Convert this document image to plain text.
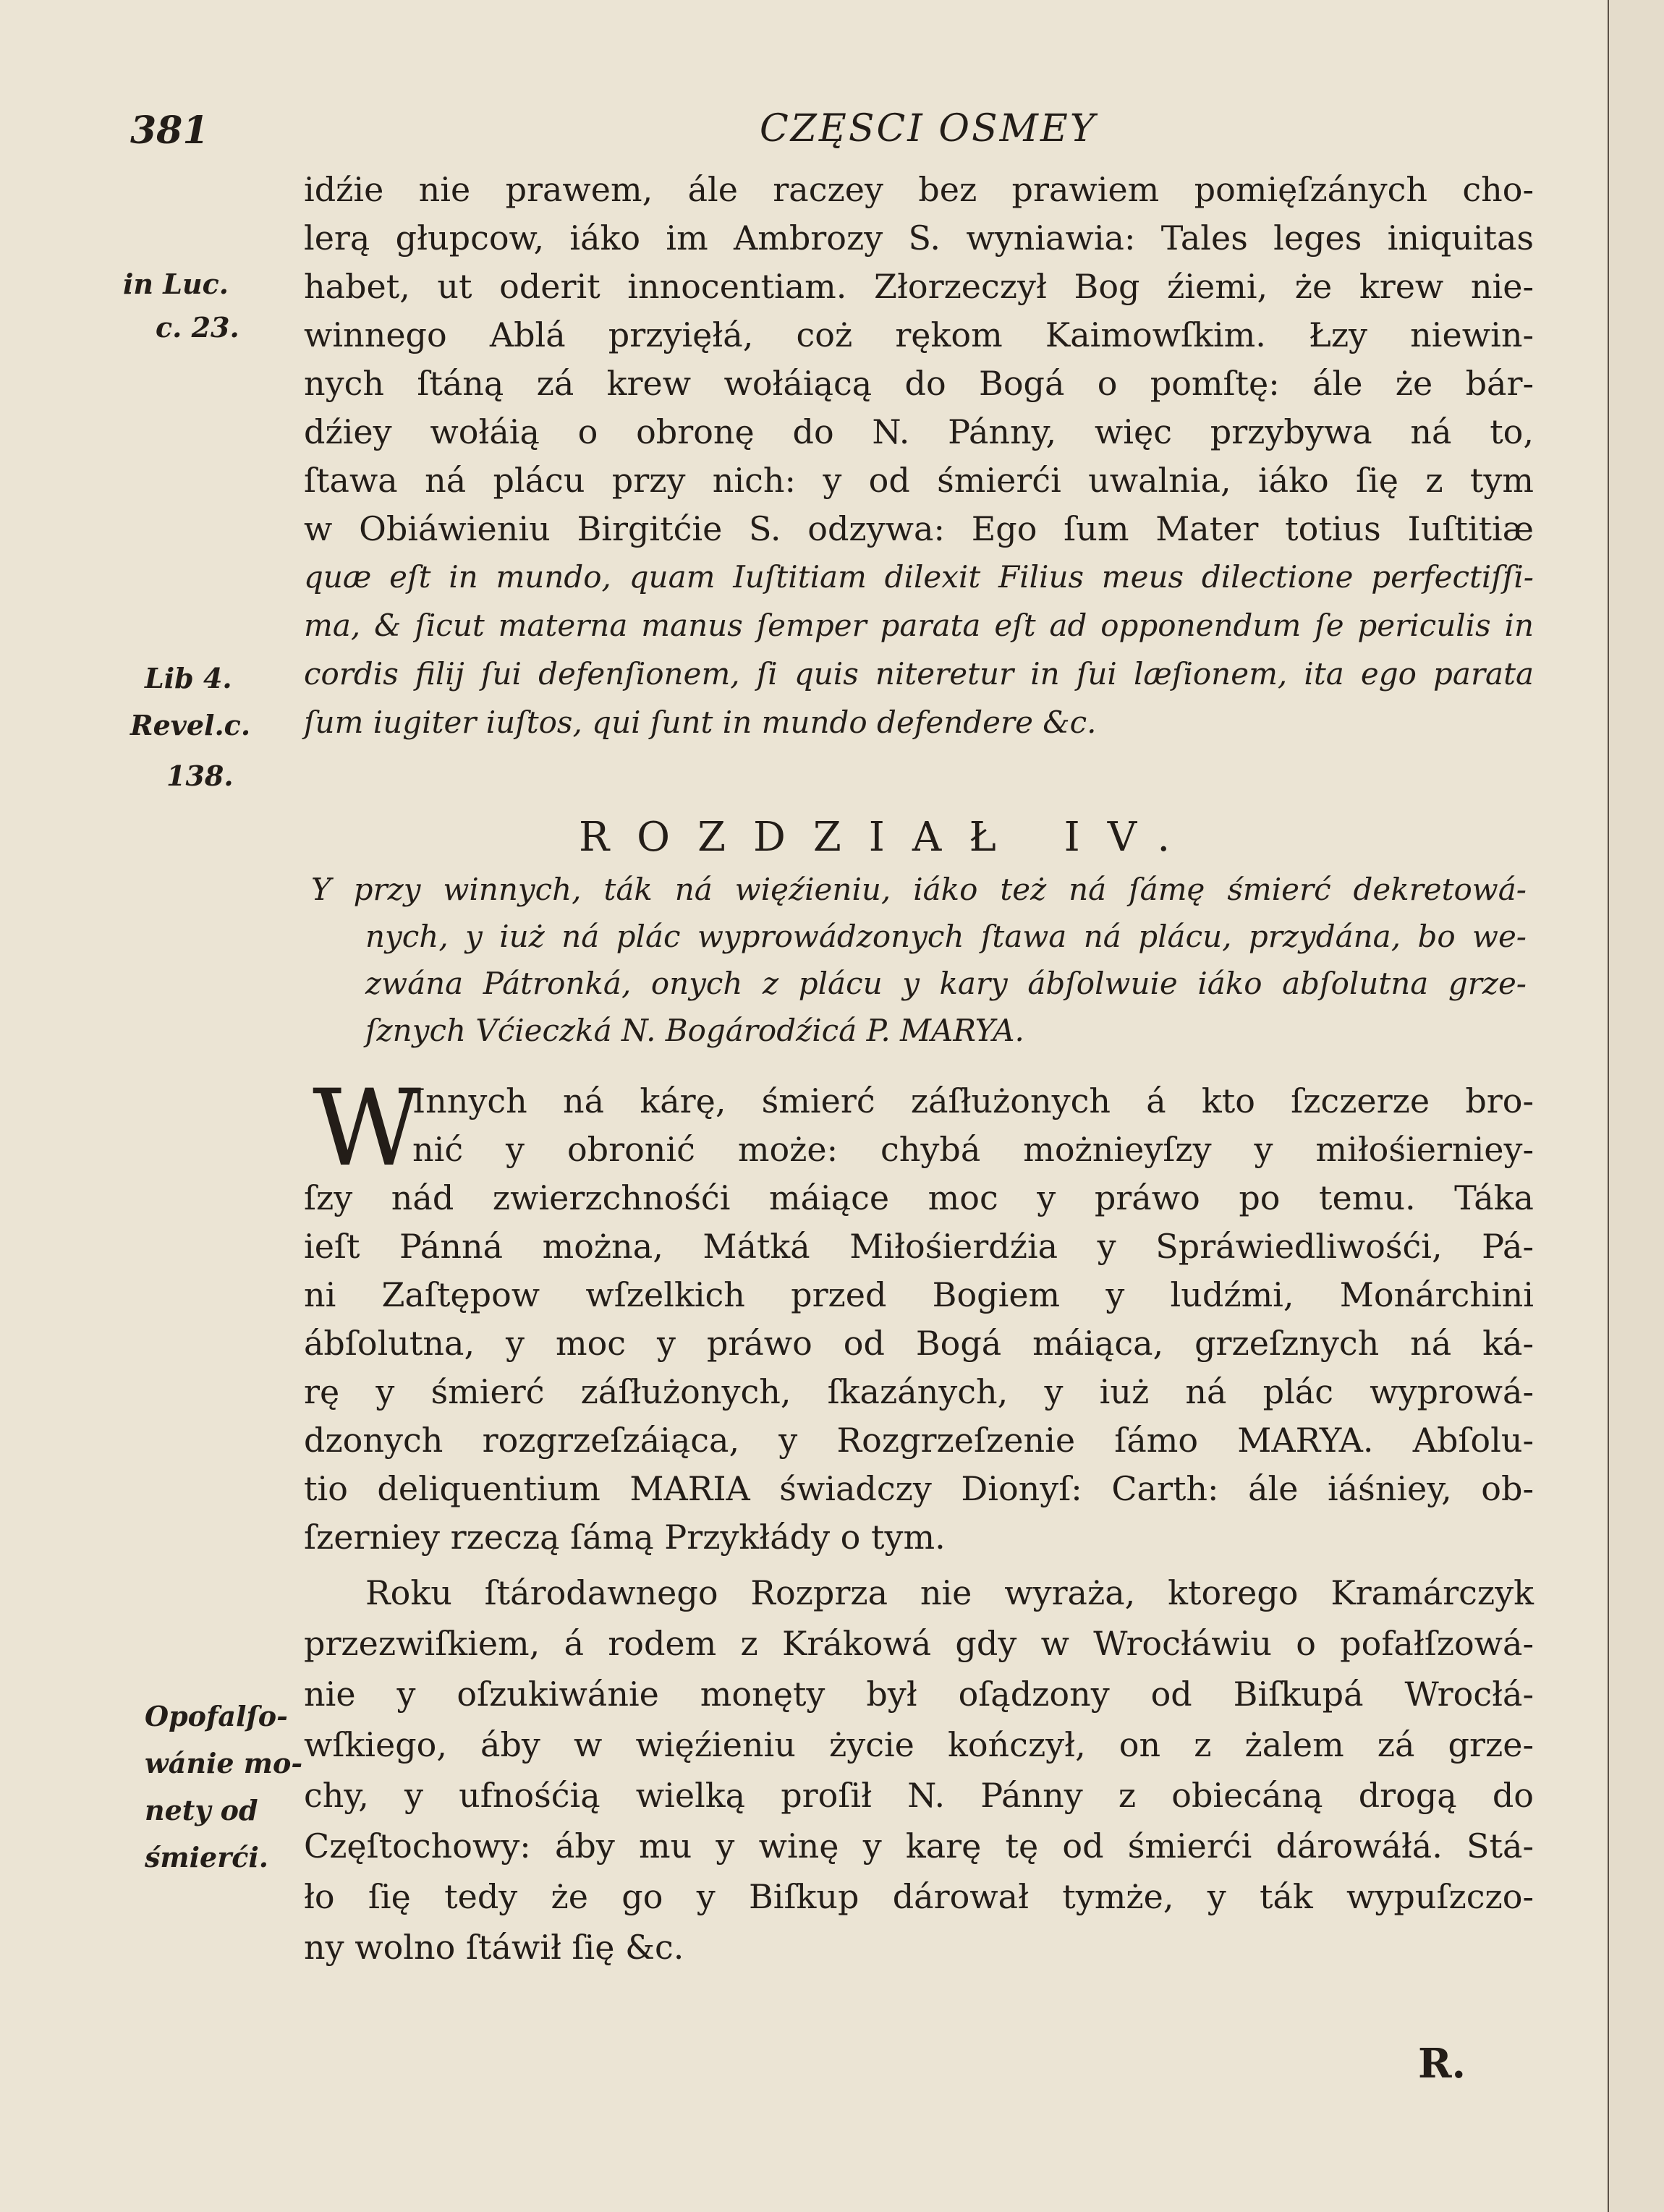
381	CZĘSCI OSMEY
in Luc.
c. 23.
Lib 4.
Revel.c.
138.
Opofalſo-
wánie mo-
nety od
śmierći.
idźie nie prawem, ále raczey bez prawiem pomięſzánych cho-
lerą głupcow, iáko im Ambrozy S. wyniawia: Tales leges iniquitas
habet, ut oderit innocentiam. Złorzeczył Bog źiemi, że krew nie-
winnego Ablá przyięłá, coż rękom Kaimowſkim. Łzy niewin-
nych ſtáną zá krew wołáiącą do Bogá o pomſtę: ále że bár-
dźiey wołáią o obronę do N. Pánny, więc przybywa ná to,
ſtawa ná plácu przy nich: y od śmierći uwalnia, iáko ſię z tym
w Obiáwieniu Birgitćie S. odzywa: Ego ſum Mater totius Iuſtitiæ
quæ eſt in mundo, quam Iuſtitiam dilexit Filius meus dilectione perfectiſſi-
ma, & ſicut materna manus ſemper parata eſt ad opponendum ſe periculis in
cordis filij ſui defenſionem, ſi quis niteretur in ſui læſionem, ita ego parata
ſum iugiter iuſtos, qui ſunt in mundo defendere &c.
ROZDZIAŁ IV.
Y przy winnych, ták ná więźieniu, iáko też ná ſámę śmierć dekretowá-
nych, y iuż ná plác wyprowádzonych ſtawa ná plácu, przydána, bo we-
zwána Pátronká, onych z plácu y kary ábſolwuie iáko abſolutna grze-
ſznych Vćieczká N. Bogárodźicá P. MARYA.
W
Innych ná kárę, śmierć záſłużonych á kto ſzczerze bro-
nić y obronić może: chybá możnieyſzy y miłośierniey-
ſzy nád zwierzchnośći máiące moc y práwo po temu. Táka
ieſt Pánná można, Mátká Miłośierdźia y Spráwiedliwośći, Pá-
ni Zaſtępow wſzelkich przed Bogiem y ludźmi, Monárchini
ábſolutna, y moc y práwo od Bogá máiąca, grzeſznych ná ká-
rę y śmierć záſłużonych, ſkazánych, y iuż ná plác wyprowá-
dzonych rozgrzeſzáiąca, y Rozgrzeſzenie ſámo MARYA. Abſolu-
tio deliquentium MARIA świadczy Dionyſ: Carth: ále iáśniey, ob-
ſzerniey rzeczą ſámą Przykłády o tym.
Roku ſtárodawnego Rozprza nie wyraża, ktorego Kramárczyk
przezwiſkiem, á rodem z Krákowá gdy w Wrocłáwiu o pofałſzowá-
nie y oſzukiwánie monęty był oſądzony od Biſkupá Wrocłá-
wſkiego, áby w więźieniu życie kończył, on z żalem zá grze-
chy, y ufnośćią wielką proſił N. Pánny z obiecáną drogą do
Częſtochowy: áby mu y winę y karę tę od śmierći dárowáłá. Stá-
ło ſię tedy że go y Biſkup dárował tymże, y ták wypuſzczo-
ny wolno ſtáwił ſię &c.
R.
